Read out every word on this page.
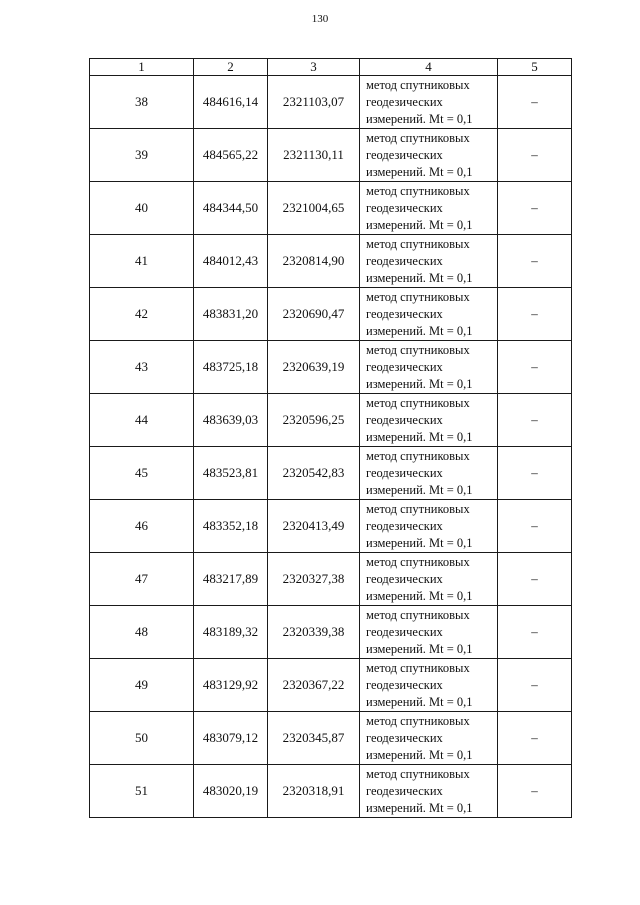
130
1	2	3	4	5
38	484616,14	2321103,07	метод спутниковых
геодезических
измерений. Mt = 0,1	–
39	484565,22	2321130,11	метод спутниковых
геодезических
измерений. Mt = 0,1	–
40	484344,50	2321004,65	метод спутниковых
геодезических
измерений. Mt = 0,1	–
41	484012,43	2320814,90	метод спутниковых
геодезических
измерений. Mt = 0,1	–
42	483831,20	2320690,47	метод спутниковых
геодезических
измерений. Mt = 0,1	–
43	483725,18	2320639,19	метод спутниковых
геодезических
измерений. Mt = 0,1	–
44	483639,03	2320596,25	метод спутниковых
геодезических
измерений. Mt = 0,1	–
45	483523,81	2320542,83	метод спутниковых
геодезических
измерений. Mt = 0,1	–
46	483352,18	2320413,49	метод спутниковых
геодезических
измерений. Mt = 0,1	–
47	483217,89	2320327,38	метод спутниковых
геодезических
измерений. Mt = 0,1	–
48	483189,32	2320339,38	метод спутниковых
геодезических
измерений. Mt = 0,1	–
49	483129,92	2320367,22	метод спутниковых
геодезических
измерений. Mt = 0,1	–
50	483079,12	2320345,87	метод спутниковых
геодезических
измерений. Mt = 0,1	–
51	483020,19	2320318,91	метод спутниковых
геодезических
измерений. Mt = 0,1	–
